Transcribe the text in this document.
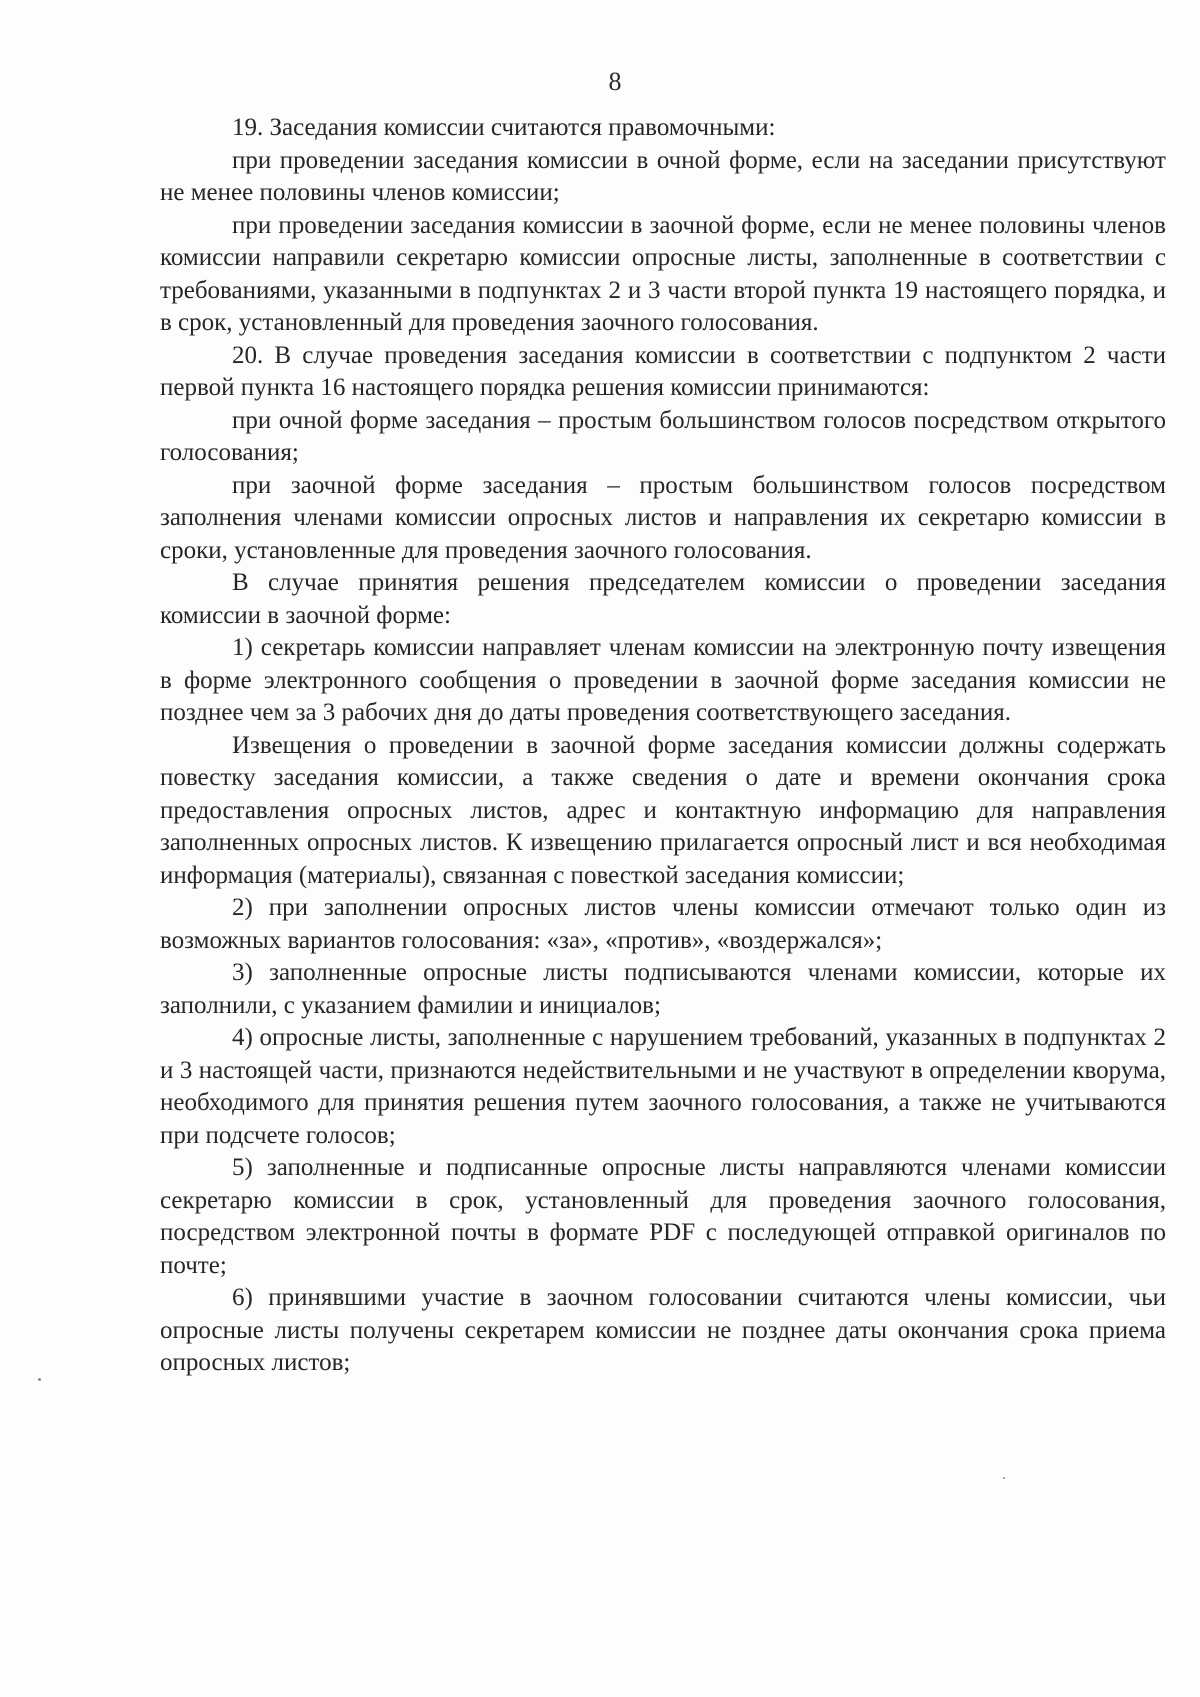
8

19. Заседания комиссии считаются правомочными:

при проведении заседания комиссии в очной форме, если на заседании присутствуют не менее половины членов комиссии;

при проведении заседания комиссии в заочной форме, если не менее половины членов комиссии направили секретарю комиссии опросные листы, заполненные в соответствии с требованиями, указанными в подпунктах 2 и 3 части второй пункта 19 настоящего порядка, и в срок, установленный для проведения заочного голосования.

20. В случае проведения заседания комиссии в соответствии с подпунктом 2 части первой пункта 16 настоящего порядка решения комиссии принимаются:

при очной форме заседания – простым большинством голосов посредством открытого голосования;

при заочной форме заседания – простым большинством голосов посредством заполнения членами комиссии опросных листов и направления их секретарю комиссии в сроки, установленные для проведения заочного голосования.

В случае принятия решения председателем комиссии о проведении заседания комиссии в заочной форме:

1) секретарь комиссии направляет членам комиссии на электронную почту извещения в форме электронного сообщения о проведении в заочной форме заседания комиссии не позднее чем за 3 рабочих дня до даты проведения соответствующего заседания.

Извещения о проведении в заочной форме заседания комиссии должны содержать повестку заседания комиссии, а также сведения о дате и времени окончания срока предоставления опросных листов, адрес и контактную информацию для направления заполненных опросных листов. К извещению прилагается опросный лист и вся необходимая информация (материалы), связанная с повесткой заседания комиссии;

2) при заполнении опросных листов члены комиссии отмечают только один из возможных вариантов голосования: «за», «против», «воздержался»;

3) заполненные опросные листы подписываются членами комиссии, которые их заполнили, с указанием фамилии и инициалов;

4) опросные листы, заполненные с нарушением требований, указанных в подпунктах 2 и 3 настоящей части, признаются недействительными и не участвуют в определении кворума, необходимого для принятия решения путем заочного голосования, а также не учитываются при подсчете голосов;

5) заполненные и подписанные опросные листы направляются членами комиссии секретарю комиссии в срок, установленный для проведения заочного голосования, посредством электронной почты в формате PDF с последующей отправкой оригиналов по почте;

6) принявшими участие в заочном голосовании считаются члены комиссии, чьи опросные листы получены секретарем комиссии не позднее даты окончания срока приема опросных листов;
